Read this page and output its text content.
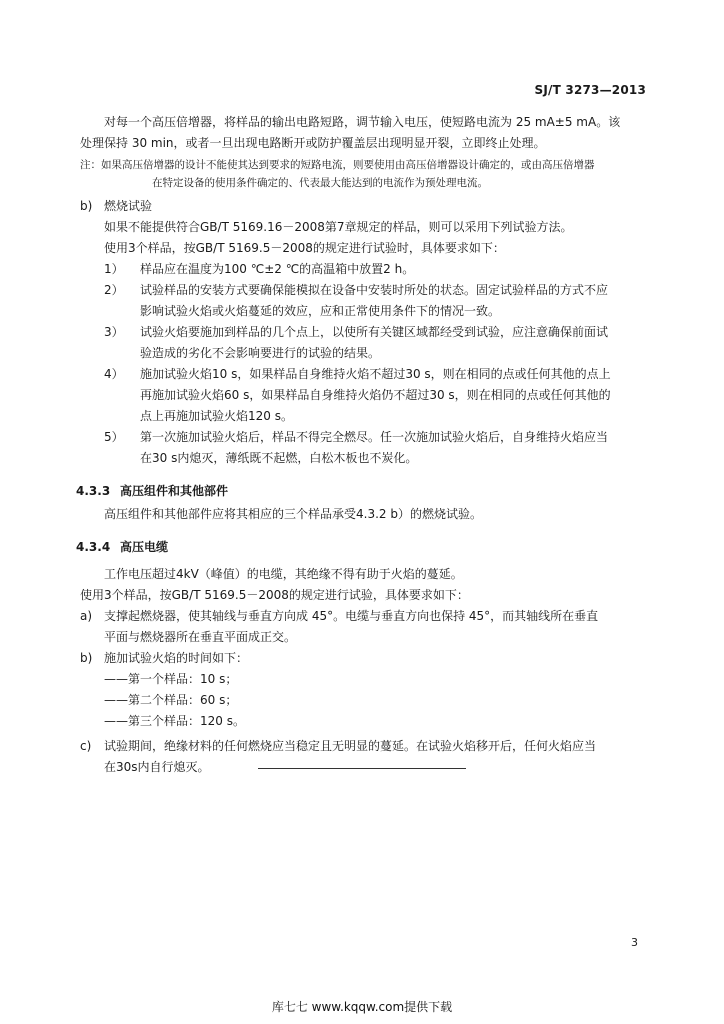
SJ/T 3273—2013

对每一个高压倍增器，将样品的输出电路短路，调节输入电压，使短路电流为 25 mA±5 mA。该

处理保持 30 min，或者一旦出现电路断开或防护覆盖层出现明显开裂，立即终止处理。

注：如果高压倍增器的设计不能使其达到要求的短路电流，则要使用由高压倍增器设计确定的，或由高压倍增器
在特定设备的使用条件确定的、代表最大能达到的电流作为预处理电流。
b) 燃烧试验

如果不能提供符合GB/T 5169.16－2008第7章规定的样品，则可以采用下列试验方法。

使用3个样品，按GB/T 5169.5－2008的规定进行试验时，具体要求如下：

1）	样品应在温度为100 ℃±2 ℃的高温箱中放置2 h。
2）	试验样品的安装方式要确保能模拟在设备中安装时所处的状态。固定试验样品的方式不应
影响试验火焰或火焰蔓延的效应，应和正常使用条件下的情况一致。
3）	试验火焰要施加到样品的几个点上，以使所有关键区域都经受到试验，应注意确保前面试
验造成的劣化不会影响要进行的试验的结果。
4）	施加试验火焰10 s，如果样品自身维持火焰不超过30 s，则在相同的点或任何其他的点上
再施加试验火焰60 s，如果样品自身维持火焰仍不超过30 s，则在相同的点或任何其他的
点上再施加试验火焰120 s。
5）	第一次施加试验火焰后，样品不得完全燃尽。任一次施加试验火焰后，自身维持火焰应当
在30 s内熄灭，薄纸既不起燃，白松木板也不炭化。
4.3.3 高压组件和其他部件

高压组件和其他部件应将其相应的三个样品承受4.3.2 b）的燃烧试验。

4.3.4 高压电缆

工作电压超过4kV（峰值）的电缆，其绝缘不得有助于火焰的蔓延。

使用3个样品，按GB/T 5169.5－2008的规定进行试验，具体要求如下：

a) 支撑起燃烧器，使其轴线与垂直方向成 45°。电缆与垂直方向也保持 45°，而其轴线所在垂直
平面与燃烧器所在垂直平面成正交。
b) 施加试验火焰的时间如下：
——第一个样品：10 s；
——第二个样品：60 s；
——第三个样品：120 s。
c)	试验期间，绝缘材料的任何燃烧应当稳定且无明显的蔓延。在试验火焰移开后，任何火焰应当
在30s内自行熄灭。
3
库七七 www.kqqw.com提供下载
